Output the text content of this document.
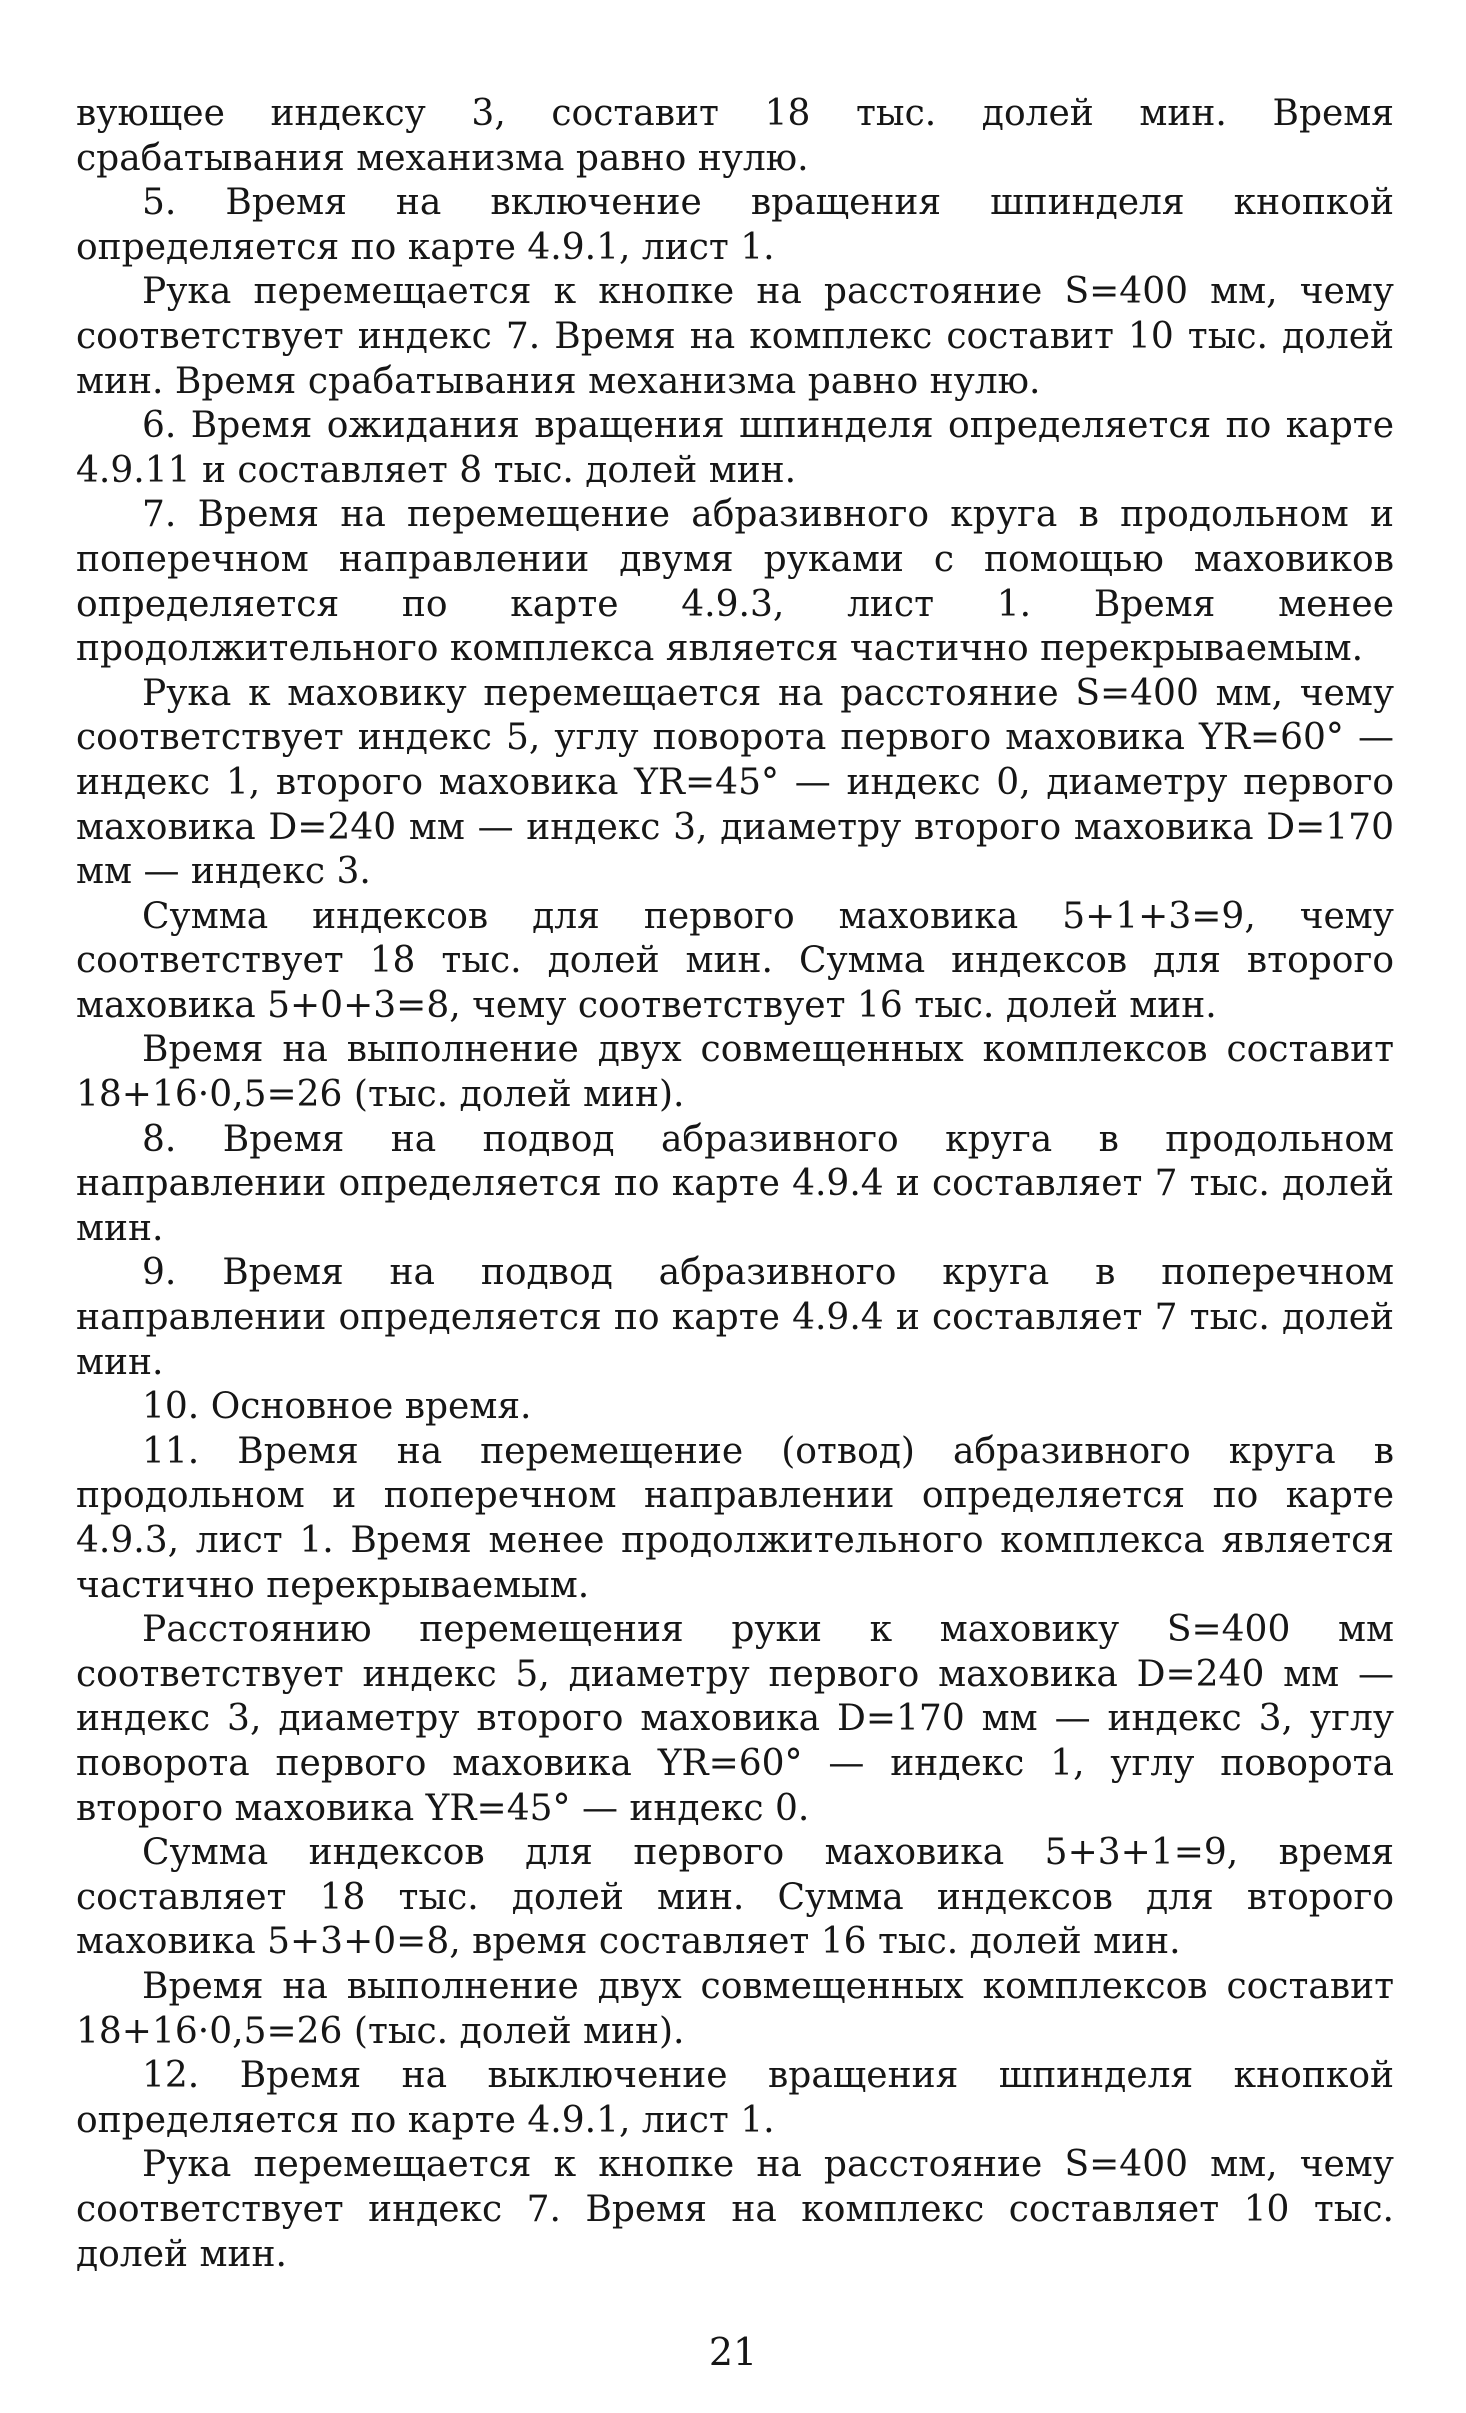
вующее индексу 3, составит 18 тыс. долей мин. Время срабатывания механизма равно нулю.

5. Время на включение вращения шпинделя кнопкой определяется по карте 4.9.1, лист 1.

Рука перемещается к кнопке на расстояние S=400 мм, чему соответствует индекс 7. Время на комплекс составит 10 тыс. долей мин. Время срабатывания механизма равно нулю.

6. Время ожидания вращения шпинделя определяется по карте 4.9.11 и составляет 8 тыс. долей мин.

7. Время на перемещение абразивного круга в продольном и поперечном направлении двумя руками с помощью маховиков определяется по карте 4.9.3, лист 1. Время менее продолжительного комплекса является частично перекрываемым.

Рука к маховику перемещается на расстояние S=400 мм, чему соответствует индекс 5, углу поворота первого маховика YR=60° — индекс 1, второго маховика YR=45° — индекс 0, диаметру первого маховика D=240 мм — индекс 3, диаметру второго маховика D=170 мм — индекс 3.

Сумма индексов для первого маховика 5+1+3=9, чему соответствует 18 тыс. долей мин. Сумма индексов для второго маховика 5+0+3=8, чему соответствует 16 тыс. долей мин.

Время на выполнение двух совмещенных комплексов составит 18+16·0,5=26 (тыс. долей мин).

8. Время на подвод абразивного круга в продольном направлении определяется по карте 4.9.4 и составляет 7 тыс. долей мин.

9. Время на подвод абразивного круга в поперечном направлении определяется по карте 4.9.4 и составляет 7 тыс. долей мин.

10. Основное время.

11. Время на перемещение (отвод) абразивного круга в продольном и поперечном направлении определяется по карте 4.9.3, лист 1. Время менее продолжительного комплекса является частично перекрываемым.

Расстоянию перемещения руки к маховику S=400 мм соответствует индекс 5, диаметру первого маховика D=240 мм — индекс 3, диаметру второго маховика D=170 мм — индекс 3, углу поворота первого маховика YR=60° — индекс 1, углу поворота второго маховика YR=45° — индекс 0.

Сумма индексов для первого маховика 5+3+1=9, время составляет 18 тыс. долей мин. Сумма индексов для второго маховика 5+3+0=8, время составляет 16 тыс. долей мин.

Время на выполнение двух совмещенных комплексов составит 18+16·0,5=26 (тыс. долей мин).

12. Время на выключение вращения шпинделя кнопкой определяется по карте 4.9.1, лист 1.

Рука перемещается к кнопке на расстояние S=400 мм, чему соответствует индекс 7. Время на комплекс составляет 10 тыс. долей мин.

21
